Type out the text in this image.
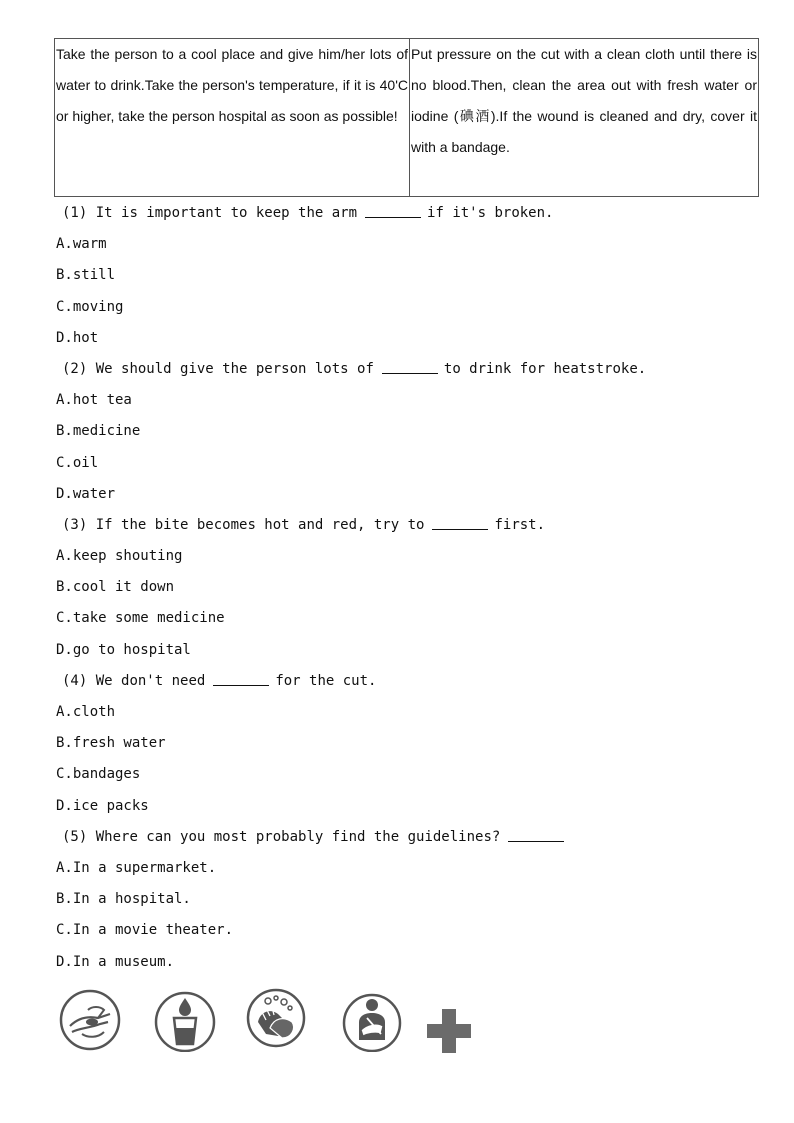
Take the person to a cool place and give him/her lots of water to drink.Take the person's temperature, if it is 40'C or higher, take the person hospital as soon as possible!	Put pressure on the cut with a clean cloth until there is no blood.Then, clean the area out with fresh water or iodine (碘酒).If the wound is cleaned and dry, cover it with a bandage.
(1) It is important to keep the arm	if it's broken.
A.warm
B.still
C.moving
D.hot
(2) We should give the person lots of	to drink for heatstroke.
A.hot tea
B.medicine
C.oil
D.water
(3) If the bite becomes hot and red, try to	first.
A.keep shouting
B.cool it down
C.take some medicine
D.go to hospital
(4) We don't need	for the cut.
A.cloth
B.fresh water
C.bandages
D.ice packs
(5) Where can you most probably find the guidelines?
A.In a supermarket.
B.In a hospital.
C.In a movie theater.
D.In a museum.
